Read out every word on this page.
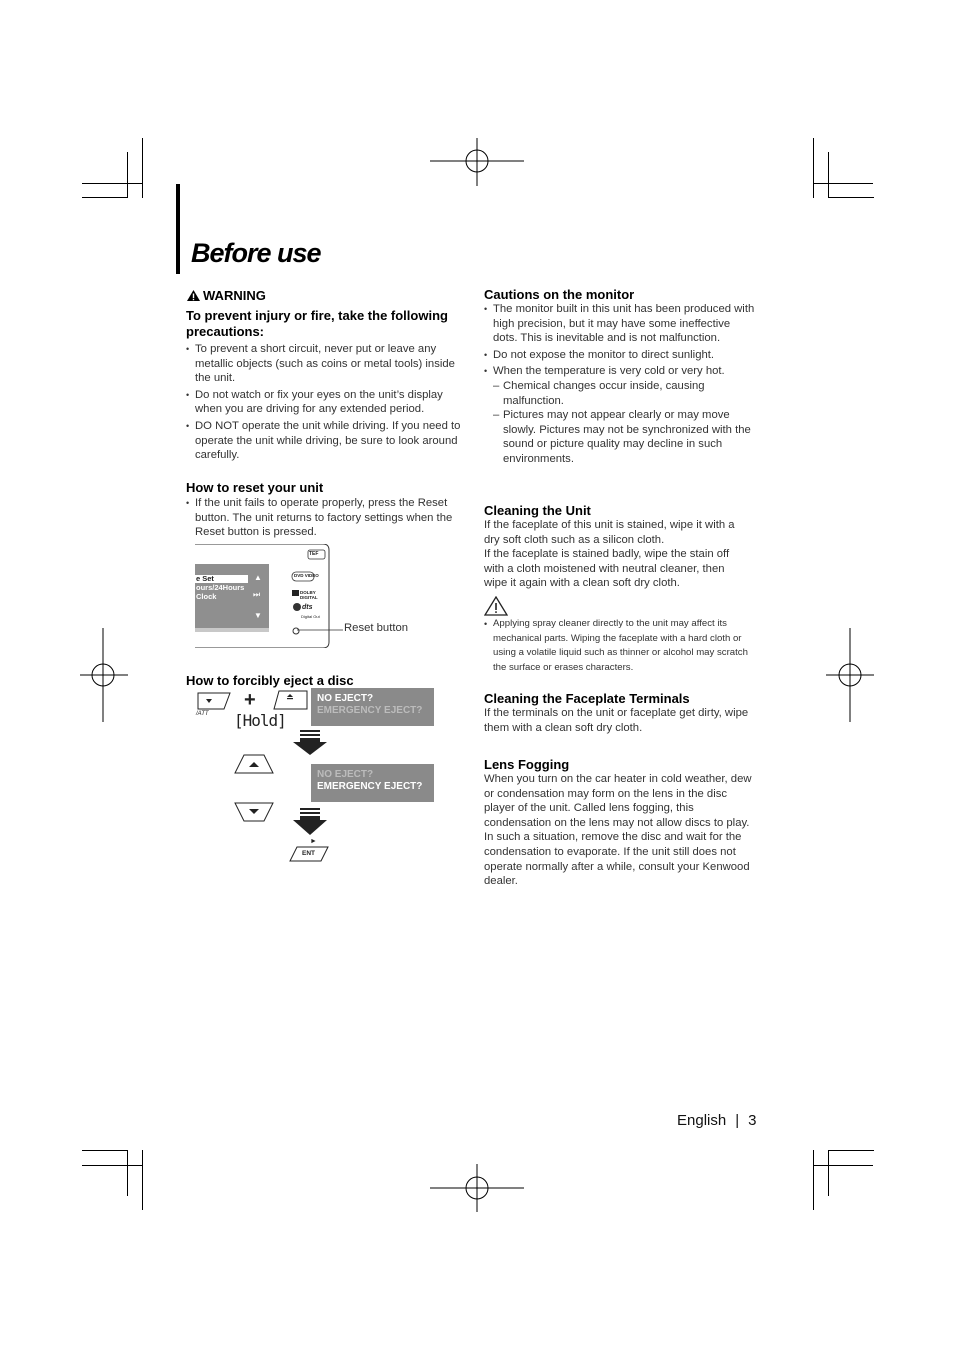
Before use
WARNING
To prevent injury or fire, take the following precautions:
• To prevent a short circuit, never put or leave any metallic objects (such as coins or metal tools) inside the unit.
• Do not watch or fix your eyes on the unit’s display when you are driving for any extended period.
• DO NOT operate the unit while driving. If you need to operate the unit while driving, be sure to look around carefully.
How to reset your unit
• If the unit fails to operate properly, press the Reset button. The unit returns to factory settings when the Reset button is pressed.
e Set
ours/24Hours
Clock
▲
⏭
▼
TEF
DVD VIDEO
DOLBY DIGITAL
dts
Digital Out
Reset button
How to forcibly eject a disc
/ATT
+
[Hold]
NO EJECT?
EMERGENCY EJECT?
NO EJECT?
EMERGENCY EJECT?
►
ENT
Cautions on the monitor
• The monitor built in this unit has been produced with high precision, but it may have some ineffective dots. This is inevitable and is not malfunction.
• Do not expose the monitor to direct sunlight.
• When the temperature is very cold or very hot.
– Chemical changes occur inside, causing malfunction.
– Pictures may not appear clearly or may move slowly. Pictures may not be synchronized with the sound or picture quality may decline in such environments.
Cleaning the Unit

If the faceplate of this unit is stained, wipe it with a dry soft cloth such as a silicon cloth.

If the faceplate is stained badly, wipe the stain off with a cloth moistened with neutral cleaner, then wipe it again with a clean soft dry cloth.

• Applying spray cleaner directly to the unit may affect its mechanical parts. Wiping the faceplate with a hard cloth or using a volatile liquid such as thinner or alcohol may scratch the surface or erases characters.
Cleaning the Faceplate Terminals

If the terminals on the unit or faceplate get dirty, wipe them with a clean soft dry cloth.

Lens Fogging

When you turn on the car heater in cold weather, dew or condensation may form on the lens in the disc player of the unit. Called lens fogging, this condensation on the lens may not allow discs to play. In such a situation, remove the disc and wait for the condensation to evaporate. If the unit still does not operate normally after a while, consult your Kenwood dealer.

English | 3
